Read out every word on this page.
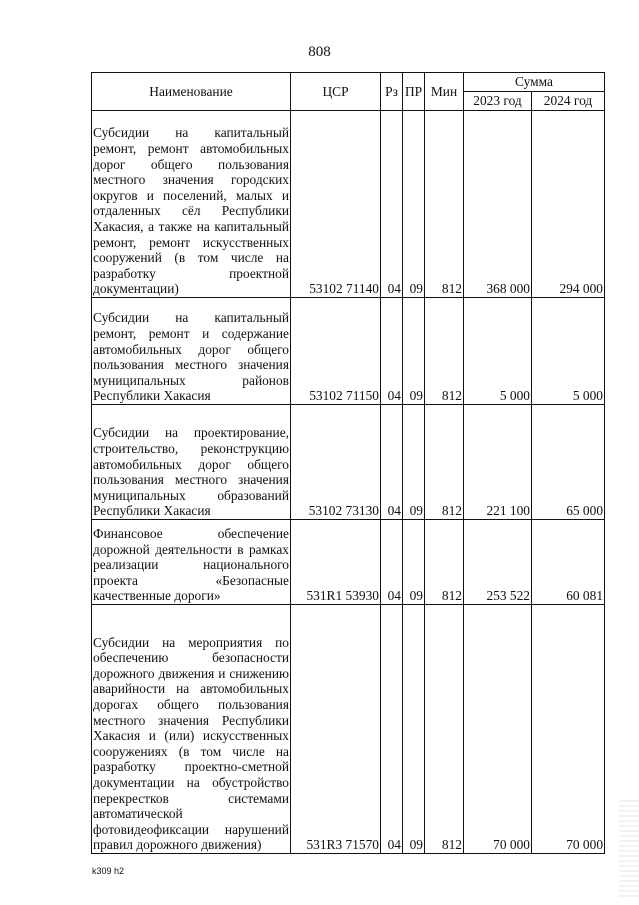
808
Наименование	ЦСР	Рз	ПР	Мин	Сумма	
					2023 год	2024 год
Субсидии на капитальный ремонт, ремонт автомобильных дорог общего пользования местного значения городских округов и поселений, малых и отдаленных сёл Республики Хакасия, а также на капитальный ремонт, ремонт искусственных сооружений (в том числе на разработку проектной документации)	53102 71140	04	09	812	368 000	294 000
Субсидии на капитальный ремонт, ремонт и содержание автомобильных дорог общего пользования местного значения муниципальных районов Республики Хакасия	53102 71150	04	09	812	5 000	5 000
Субсидии на проектирование, строительство, реконструкцию автомобильных дорог общего пользования местного значения муниципальных образований Республики Хакасия	53102 73130	04	09	812	221 100	65 000
Финансовое обеспечение дорожной деятельности в рамках реализации национального проекта «Безопасные качественные дороги»	531R1 53930	04	09	812	253 522	60 081
Субсидии на мероприятия по обеспечению безопасности дорожного движения и снижению аварийности на автомобильных дорогах общего пользования местного значения Республики Хакасия и (или) искусственных сооружениях (в том числе на разработку проектно-сметной документации на обустройство перекрестков системами автоматической фотовидеофиксации нарушений правил дорожного движения)	531R3 71570	04	09	812	70 000	70 000
k309 h2
